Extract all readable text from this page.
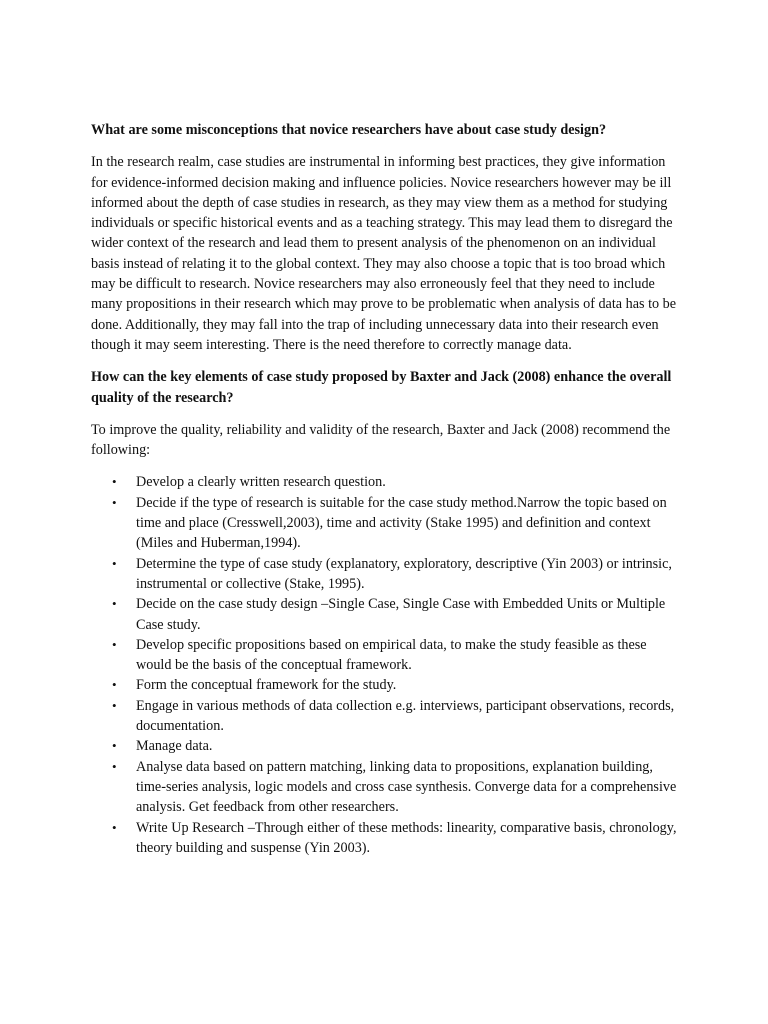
What are some misconceptions that novice researchers have about case study design?

In the research realm, case studies are instrumental in informing best practices, they give information for evidence-informed decision making and influence policies. Novice researchers however may be ill informed about the depth of case studies in research, as they may view them as a method for studying individuals or specific historical events and as a teaching strategy. This may lead them to disregard the wider context of the research and lead them to present analysis of the phenomenon on an individual basis instead of relating it to the global context. They may also choose a topic that is too broad which may be difficult to research. Novice researchers may also erroneously feel that they need to include many propositions in their research which may prove to be problematic when analysis of data has to be done. Additionally, they may fall into the trap of including unnecessary data into their research even though it may seem interesting. There is the need therefore to correctly manage data.

How can the key elements of case study proposed by Baxter and Jack (2008) enhance the overall quality of the research?

To improve the quality, reliability and validity of the research, Baxter and Jack (2008) recommend the following:

• Develop a clearly written research question.
• Decide if the type of research is suitable for the case study method.Narrow the topic based on time and place (Cresswell,2003), time and activity (Stake 1995) and definition and context (Miles and Huberman,1994).
• Determine the type of case study (explanatory, exploratory, descriptive (Yin 2003) or intrinsic, instrumental or collective (Stake, 1995).
• Decide on the case study design –Single Case, Single Case with Embedded Units or Multiple Case study.
• Develop specific propositions based on empirical data, to make the study feasible as these would be the basis of the conceptual framework.
• Form the conceptual framework for the study.
• Engage in various methods of data collection e.g. interviews, participant observations, records, documentation.
• Manage data.
• Analyse data based on pattern matching, linking data to propositions, explanation building, time-series analysis, logic models and cross case synthesis. Converge data for a comprehensive analysis. Get feedback from other researchers.
• Write Up Research –Through either of these methods: linearity, comparative basis, chronology, theory building and suspense (Yin 2003).
